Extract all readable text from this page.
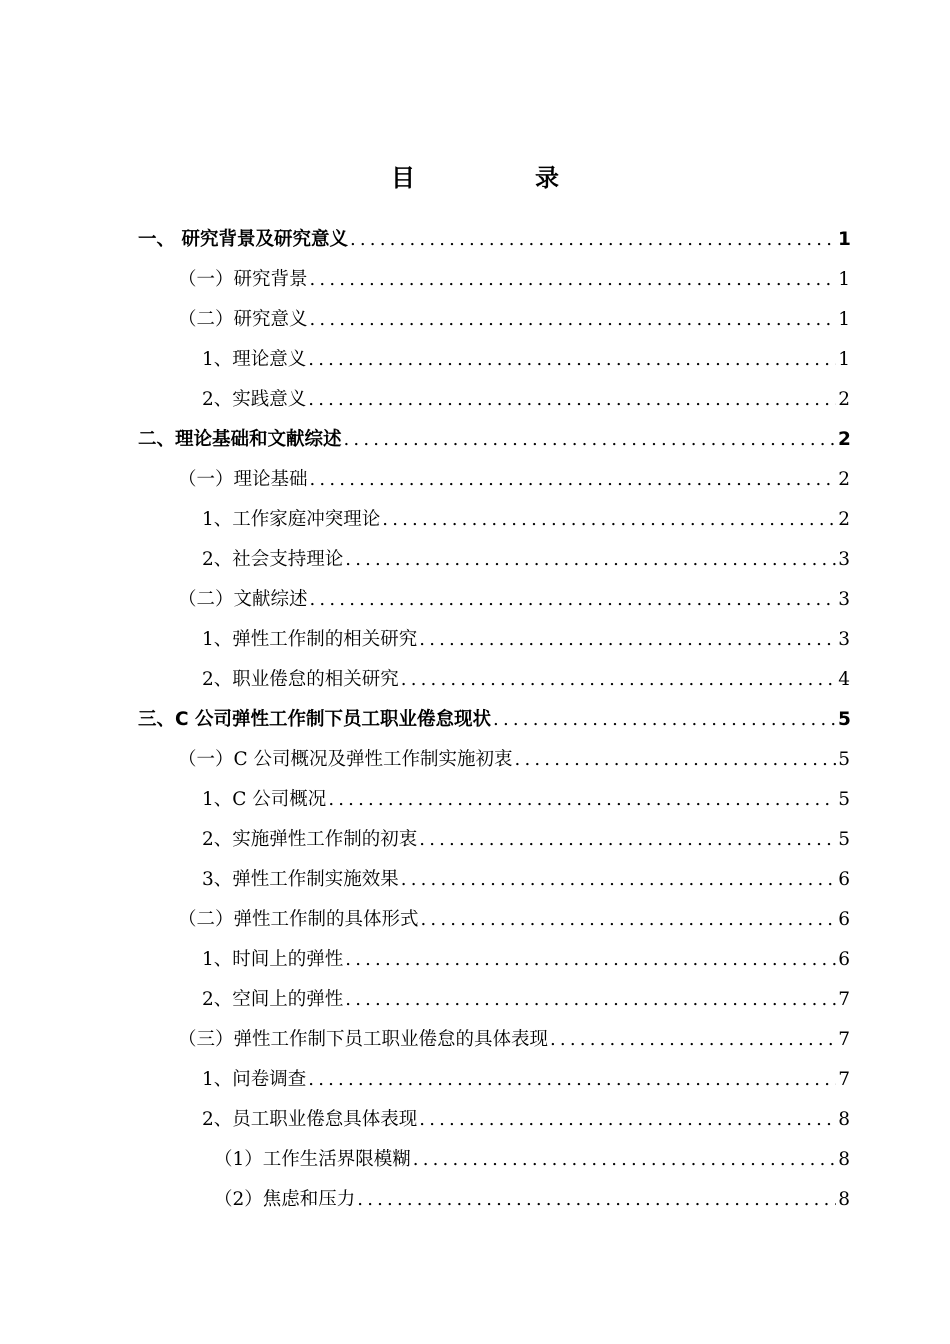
目　录
一、 研究背景及研究意义 .....	1
（一）研究背景 .....	1
（二）研究意义 .....	1
1、理论意义 .....	1
2、实践意义 .....	2
二、理论基础和文献综述 .....	2
（一）理论基础 .....	2
1、工作家庭冲突理论 .....	2
2、社会支持理论 .....	3
（二）文献综述 .....	3
1、弹性工作制的相关研究 .....	3
2、职业倦怠的相关研究 .....	4
三、C 公司弹性工作制下员工职业倦怠现状 .....	5
（一）C 公司概况及弹性工作制实施初衷 .....	5
1、C 公司概况 .....	5
2、实施弹性工作制的初衷 .....	5
3、弹性工作制实施效果 .....	6
（二）弹性工作制的具体形式 .....	6
1、时间上的弹性 .....	6
2、空间上的弹性 .....	7
（三）弹性工作制下员工职业倦怠的具体表现 .....	7
1、问卷调查 .....	7
2、员工职业倦怠具体表现 .....	8
（1）工作生活界限模糊 .....	8
（2）焦虑和压力 .....	8
